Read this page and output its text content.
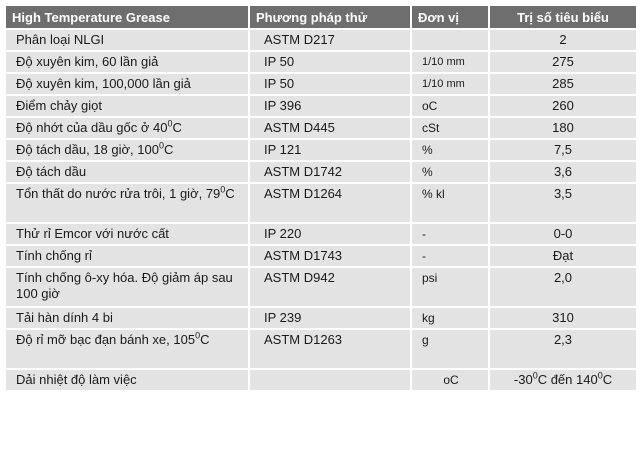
High Temperature Grease	Phương pháp thử	Đơn vị	Trị số tiêu biểu
Phân loại NLGI	ASTM D217		2
Độ xuyên kim, 60 lần giả	IP 50	1/10 mm	275
Độ xuyên kim, 100,000 lần giả	IP 50	1/10 mm	285
Điểm chảy giọt	IP 396	oC	260
Độ nhớt của dầu gốc ở $40^0C$	ASTM D445	cSt	180
Độ tách dầu, 18 giờ, $100^0C$	IP 121	%	7,5
Độ tách dầu	ASTM D1742	%	3,6
Tổn thất do nước rửa trôi, 1 giờ, $79^0C$	ASTM D1264	% kl	3,5
Thử rỉ Emcor với nước cất	IP 220	-	0-0
Tính chống rỉ	ASTM D1743	-	Đạt
Tính chống ô-xy hóa. Độ giảm áp sau 100 giờ	ASTM D942	psi	2,0
Tải hàn dính 4 bi	IP 239	kg	310
Độ rỉ mỡ bạc đạn bánh xe, $105^0C$	ASTM D1263	g	2,3
Dải nhiệt độ làm việc		oC	$-30^0C$ đến $140^0C$
